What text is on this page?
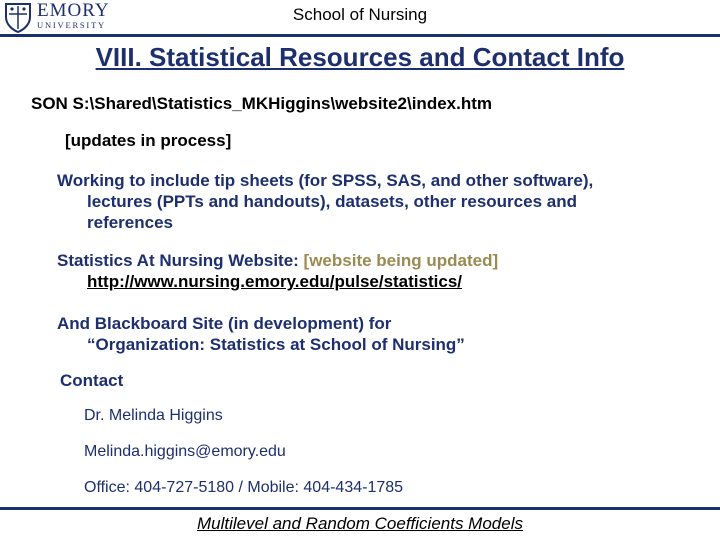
EMORY
UNIVERSITY
School of Nursing
VIII. Statistical Resources and Contact Info
SON S:\Shared\Statistics_MKHiggins\website2\index.htm
[updates in process]
Working to include tip sheets (for SPSS, SAS, and other software),
lectures (PPTs and handouts), datasets, other resources and
references
Statistics At Nursing Website: [website being updated]
http://www.nursing.emory.edu/pulse/statistics/
And Blackboard Site (in development) for
“Organization: Statistics at School of Nursing”
Contact
Dr. Melinda Higgins
Melinda.higgins@emory.edu
Office: 404-727-5180 / Mobile: 404-434-1785
Multilevel and Random Coefficients Models
